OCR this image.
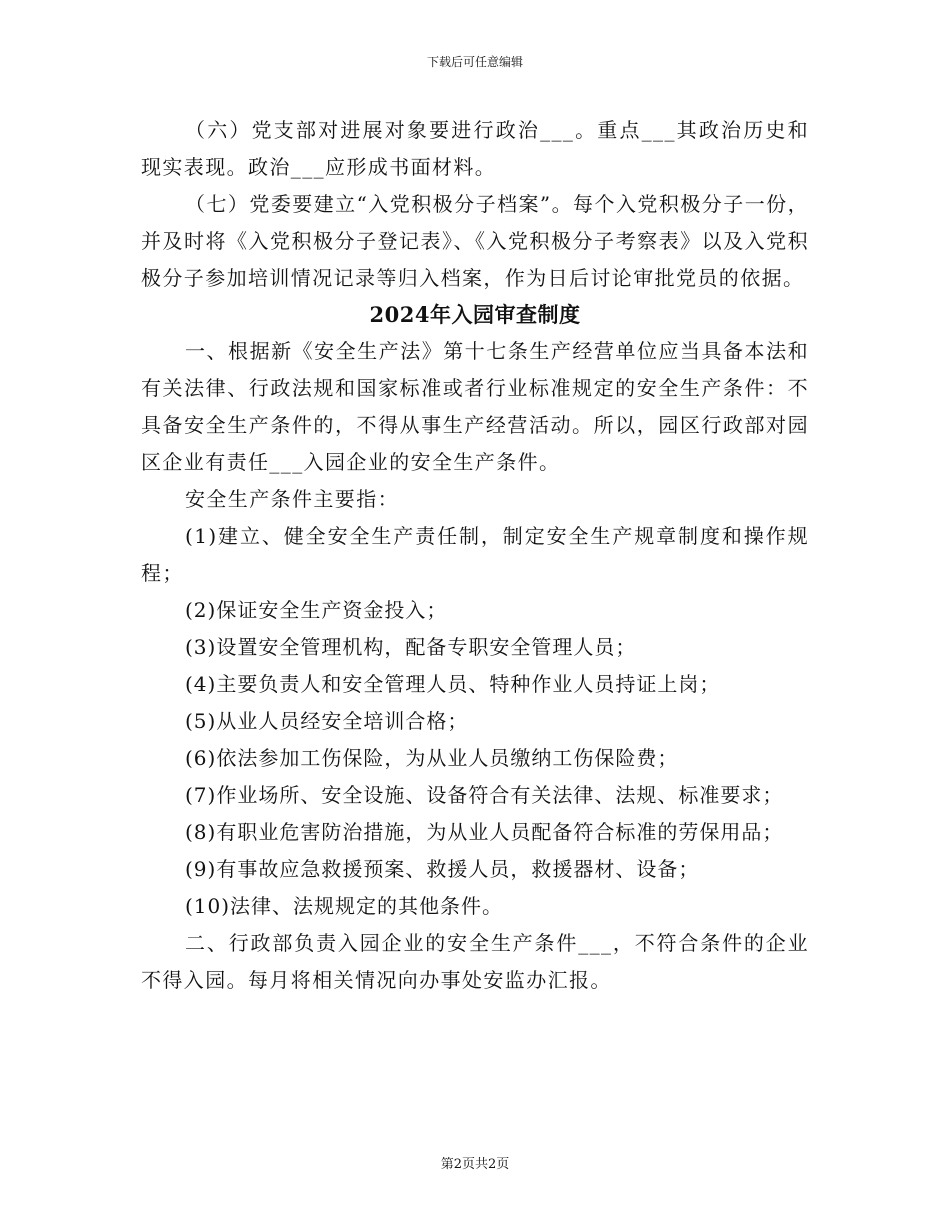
下载后可任意编辑

（六）党支部对进展对象要进行政治___。重点___其政治历史和现实表现。政治___应形成书面材料。

（七）党委要建立“入党积极分子档案”。每个入党积极分子一份，并及时将《入党积极分子登记表》、《入党积极分子考察表》以及入党积极分子参加培训情况记录等归入档案，作为日后讨论审批党员的依据。

2024年入园审查制度

一、根据新《安全生产法》第十七条生产经营单位应当具备本法和有关法律、行政法规和国家标准或者行业标准规定的安全生产条件：不具备安全生产条件的，不得从事生产经营活动。所以，园区行政部对园区企业有责任___入园企业的安全生产条件。

安全生产条件主要指：

(1)建立、健全安全生产责任制，制定安全生产规章制度和操作规程；

(2)保证安全生产资金投入；

(3)设置安全管理机构，配备专职安全管理人员；

(4)主要负责人和安全管理人员、特种作业人员持证上岗；

(5)从业人员经安全培训合格；

(6)依法参加工伤保险，为从业人员缴纳工伤保险费；

(7)作业场所、安全设施、设备符合有关法律、法规、标准要求；

(8)有职业危害防治措施，为从业人员配备符合标准的劳保用品；

(9)有事故应急救援预案、救援人员，救援器材、设备；

(10)法律、法规规定的其他条件。

二、行政部负责入园企业的安全生产条件___，不符合条件的企业不得入园。每月将相关情况向办事处安监办汇报。

第2页共2页
